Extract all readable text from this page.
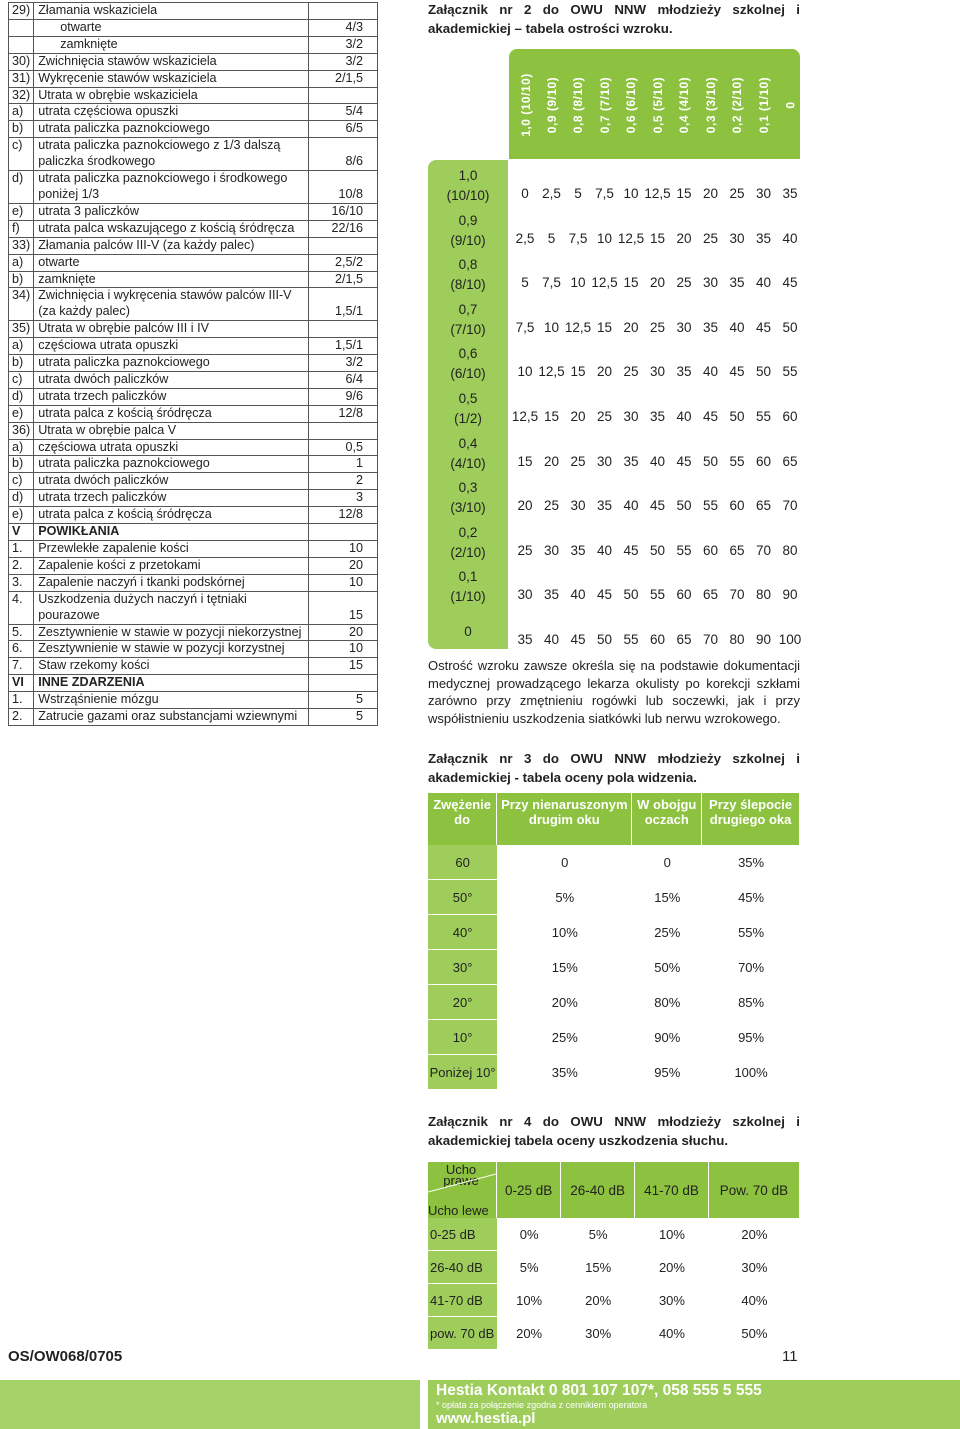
29)	Złamania wskaziciela	
	otwarte	4/3
	zamknięte	3/2
30)	Zwichnięcia stawów wskaziciela	3/2
31)	Wykręcenie stawów wskaziciela	2/1,5
32)	Utrata w obrębie wskaziciela	
a)	utrata częściowa opuszki	5/4
b)	utrata paliczka paznokciowego	6/5
c)	utrata paliczka paznokciowego z 1/3 dalszą paliczka środkowego	8/6
d)	utrata paliczka paznokciowego i środkowego poniżej 1/3	10/8
e)	utrata 3 paliczków	16/10
f)	utrata palca wskazującego z kością śródręcza	22/16
33)	Złamania palców III-V (za każdy palec)	
a)	otwarte	2,5/2
b)	zamknięte	2/1,5
34)	Zwichnięcia i wykręcenia stawów palców III-V (za każdy palec)	1,5/1
35)	Utrata w obrębie palców III i IV	
a)	częściowa utrata opuszki	1,5/1
b)	utrata paliczka paznokciowego	3/2
c)	utrata dwóch paliczków	6/4
d)	utrata trzech paliczków	9/6
e)	utrata palca z kością śródręcza	12/8
36)	Utrata w obrębie palca V	
a)	częściowa utrata opuszki	0,5
b)	utrata paliczka paznokciowego	1
c)	utrata dwóch paliczków	2
d)	utrata trzech paliczków	3
e)	utrata palca z kością śródręcza	12/8
V	POWIKŁANIA	
1.	Przewlekłe zapalenie kości	10
2.	Zapalenie kości z przetokami	20
3.	Zapalenie naczyń i tkanki podskórnej	10
4.	Uszkodzenia dużych naczyń i tętniaki pourazowe	15
5.	Zesztywnienie w stawie w pozycji niekorzystnej	20
6.	Zesztywnienie w stawie w pozycji korzystnej	10
7.	Staw rzekomy kości	15
VI	INNE ZDARZENIA	
1.	Wstrząśnienie mózgu	5
2.	Zatrucie gazami oraz substancjami wziewnymi	5

Załącznik nr 2 do OWU NNW młodzieży szkolnej i akademickiej – tabela ostrości wzroku.

1,0 (10/10) 0,9 (9/10) 0,8 (8/10) 0,7 (7/10) 0,6 (6/10) 0,5 (5/10) 0,4 (4/10) 0,3 (3/10) 0,2 (2/10) 0,1 (1/10) 0
1,0
(10/10)	0 2,5 5 7,5 10 12,5 15 20 25 30 35
0,9
(9/10)	2,5 5 7,5 10 12,5 15 20 25 30 35 40
0,8
(8/10)	5 7,5 10 12,5 15 20 25 30 35 40 45
0,7
(7/10)	7,5 10 12,5 15 20 25 30 35 40 45 50
0,6
(6/10)	10 12,5 15 20 25 30 35 40 45 50 55
0,5
(1/2)	12,5 15 20 25 30 35 40 45 50 55 60
0,4
(4/10)	15 20 25 30 35 40 45 50 55 60 65
0,3
(3/10)	20 25 30 35 40 45 50 55 60 65 70
0,2
(2/10)	25 30 35 40 45 50 55 60 65 70 80
0,1
(1/10)	30 35 40 45 50 55 60 65 70 80 90
0
35 40 45 50 55 60 65 70 80 90 100
Ostrość wzroku zawsze określa się na podstawie dokumentacji medycznej prowadzącego lekarza okulisty po korekcji szkłami zarówno przy zmętnieniu rogówki lub soczewki, jak i przy współistnieniu uszkodzenia siatkówki lub nerwu wzrokowego.

Załącznik nr 3 do OWU NNW młodzieży szkolnej i akademickiej - tabela oceny pola widzenia.

Zwężenie do	Przy nienaruszonym drugim oku	W obojgu oczach	Przy ślepocie drugiego oka
60	0	0	35%
50°	5%	15%	45%
40°	10%	25%	55%
30°	15%	50%	70%
20°	20%	80%	85%
10°	25%	90%	95%
Poniżej 10°	35%	95%	100%

Załącznik nr 4 do OWU NNW młodzieży szkolnej i akademickiej tabela oceny uszkodzenia słuchu.

Ucho prawe
Ucho lewe	0-25 dB	26-40 dB	41-70 dB	Pow. 70 dB
0-25 dB	0%	5%	10%	20%
26-40 dB	5%	15%	20%	30%
41-70 dB	10%	20%	30%	40%
pow. 70 dB	20%	30%	40%	50%
OS/OW068/0705	11
Hestia Kontakt 0 801 107 107*, 058 555 5 555
* opłata za połączenie zgodna z cennikiem operatora
www.hestia.pl
